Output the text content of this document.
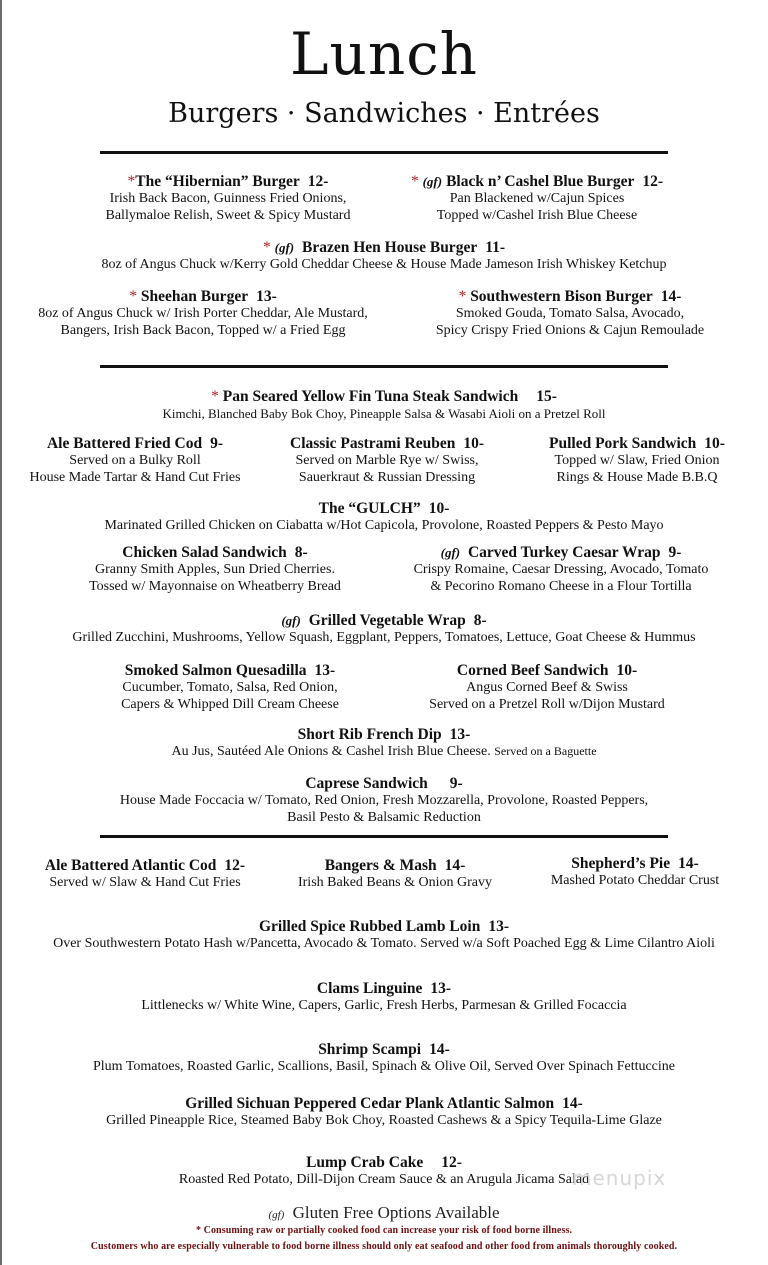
Lunch
Burgers · Sandwiches · Entrées
*The “Hibernian” Burger 12-
Irish Back Bacon, Guinness Fried Onions,
Ballymaloe Relish, Sweet & Spicy Mustard
* (gf) Black n’ Cashel Blue Burger 12-
Pan Blackened w/Cajun Spices
Topped w/Cashel Irish Blue Cheese
* (gf) Brazen Hen House Burger 11-
8oz of Angus Chuck w/Kerry Gold Cheddar Cheese & House Made Jameson Irish Whiskey Ketchup
* Sheehan Burger 13-
8oz of Angus Chuck w/ Irish Porter Cheddar, Ale Mustard,
Bangers, Irish Back Bacon, Topped w/ a Fried Egg
* Southwestern Bison Burger 14-
Smoked Gouda, Tomato Salsa, Avocado,
Spicy Crispy Fried Onions & Cajun Remoulade
* Pan Seared Yellow Fin Tuna Steak Sandwich 15-
Kimchi, Blanched Baby Bok Choy, Pineapple Salsa & Wasabi Aioli on a Pretzel Roll
Ale Battered Fried Cod 9-
Served on a Bulky Roll
House Made Tartar & Hand Cut Fries
Classic Pastrami Reuben 10-
Served on Marble Rye w/ Swiss,
Sauerkraut & Russian Dressing
Pulled Pork Sandwich 10-
Topped w/ Slaw, Fried Onion
Rings & House Made B.B.Q
The “GULCH” 10-
Marinated Grilled Chicken on Ciabatta w/Hot Capicola, Provolone, Roasted Peppers & Pesto Mayo
Chicken Salad Sandwich 8-
Granny Smith Apples, Sun Dried Cherries.
Tossed w/ Mayonnaise on Wheatberry Bread
(gf) Carved Turkey Caesar Wrap 9-
Crispy Romaine, Caesar Dressing, Avocado, Tomato
& Pecorino Romano Cheese in a Flour Tortilla
(gf) Grilled Vegetable Wrap 8-
Grilled Zucchini, Mushrooms, Yellow Squash, Eggplant, Peppers, Tomatoes, Lettuce, Goat Cheese & Hummus
Smoked Salmon Quesadilla 13-
Cucumber, Tomato, Salsa, Red Onion,
Capers & Whipped Dill Cream Cheese
Corned Beef Sandwich 10-
Angus Corned Beef & Swiss
Served on a Pretzel Roll w/Dijon Mustard
Short Rib French Dip 13-
Au Jus, Sautéed Ale Onions & Cashel Irish Blue Cheese. Served on a Baguette
Caprese Sandwich 9-
House Made Foccacia w/ Tomato, Red Onion, Fresh Mozzarella, Provolone, Roasted Peppers,
Basil Pesto & Balsamic Reduction
Ale Battered Atlantic Cod 12-
Served w/ Slaw & Hand Cut Fries
Bangers & Mash 14-
Irish Baked Beans & Onion Gravy
Shepherd’s Pie 14-
Mashed Potato Cheddar Crust
Grilled Spice Rubbed Lamb Loin 13-
Over Southwestern Potato Hash w/Pancetta, Avocado & Tomato. Served w/a Soft Poached Egg & Lime Cilantro Aioli
Clams Linguine 13-
Littlenecks w/ White Wine, Capers, Garlic, Fresh Herbs, Parmesan & Grilled Focaccia
Shrimp Scampi 14-
Plum Tomatoes, Roasted Garlic, Scallions, Basil, Spinach & Olive Oil, Served Over Spinach Fettuccine
Grilled Sichuan Peppered Cedar Plank Atlantic Salmon 14-
Grilled Pineapple Rice, Steamed Baby Bok Choy, Roasted Cashews & a Spicy Tequila-Lime Glaze
Lump Crab Cake 12-
Roasted Red Potato, Dill-Dijon Cream Sauce & an Arugula Jicama Salad
menupix
(gf) Gluten Free Options Available
* Consuming raw or partially cooked food can increase your risk of food borne illness.
Customers who are especially vulnerable to food borne illness should only eat seafood and other food from animals thoroughly cooked.
